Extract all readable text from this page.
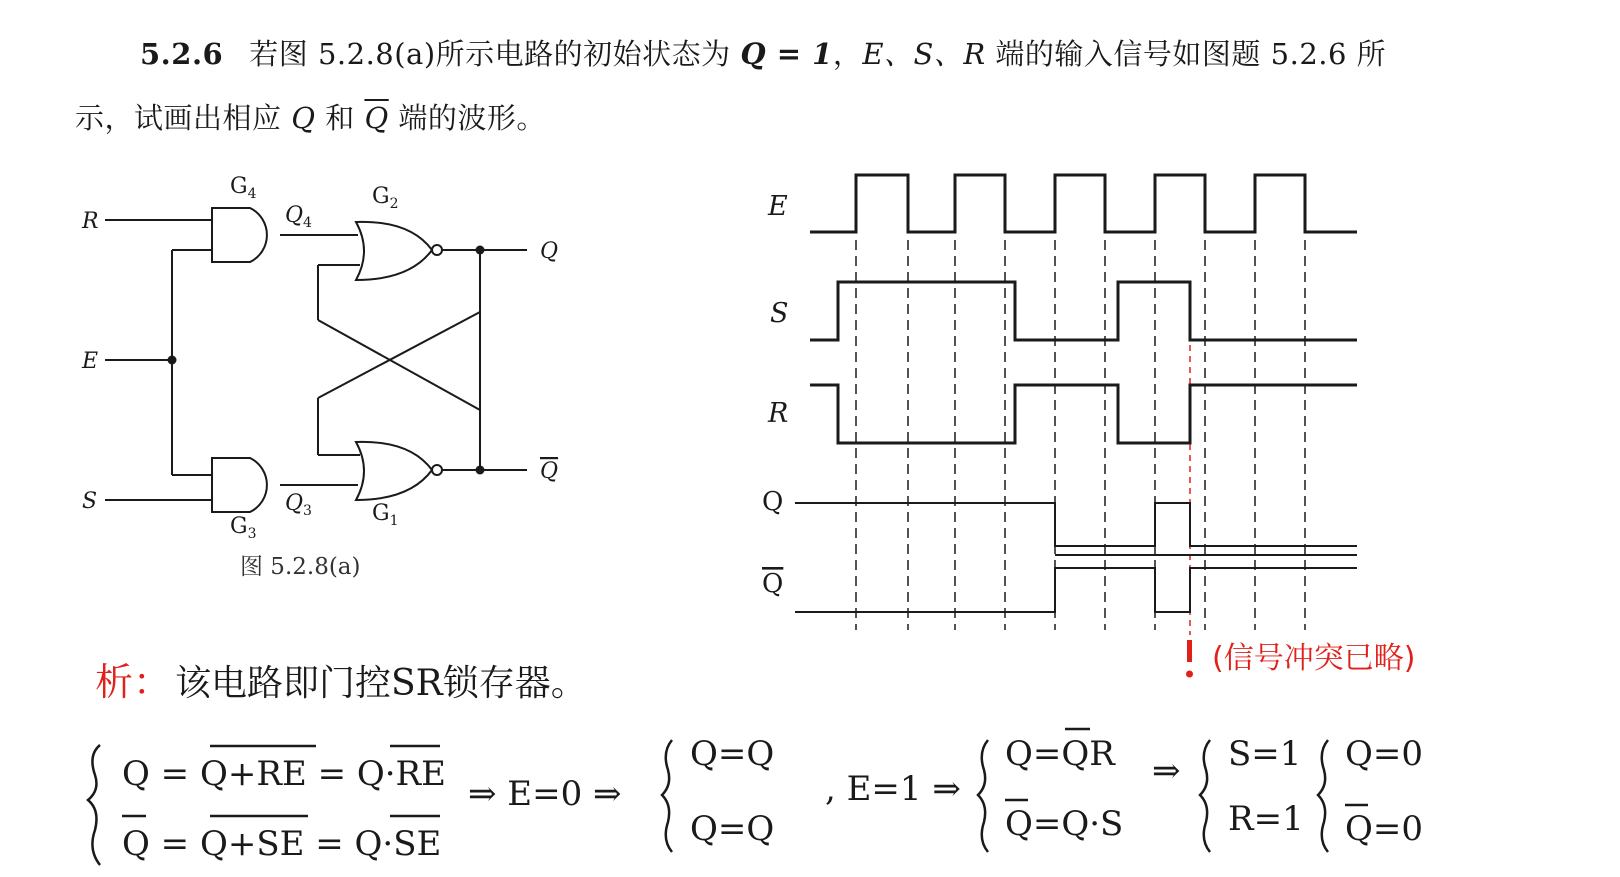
5.2.6 若图 5.2.8(a)所示电路的初始状态为 Q = 1，E、S、R 端的输入信号如图题 5.2.6 所
示，试画出相应 Q 和 $\overline{Q}$ 端的波形。
R
E
S
Q
Q
$Q_4$
$Q_3$
$G_4$	$G_2$
$G_3$
$G_1$
图 5.2.8(a)
E
S
R
Q
Q
(信号冲突已略)
析： 该电路即门控SR锁存器。
Q = Q+RE = Q·RE
Q = Q+SE = Q·SE
⇒ E=0 ⇒
Q=Q
Q=Q
, E=1 ⇒
Q=QR
Q=Q·S
⇒ S=1
R=1
Q=0
Q=0
